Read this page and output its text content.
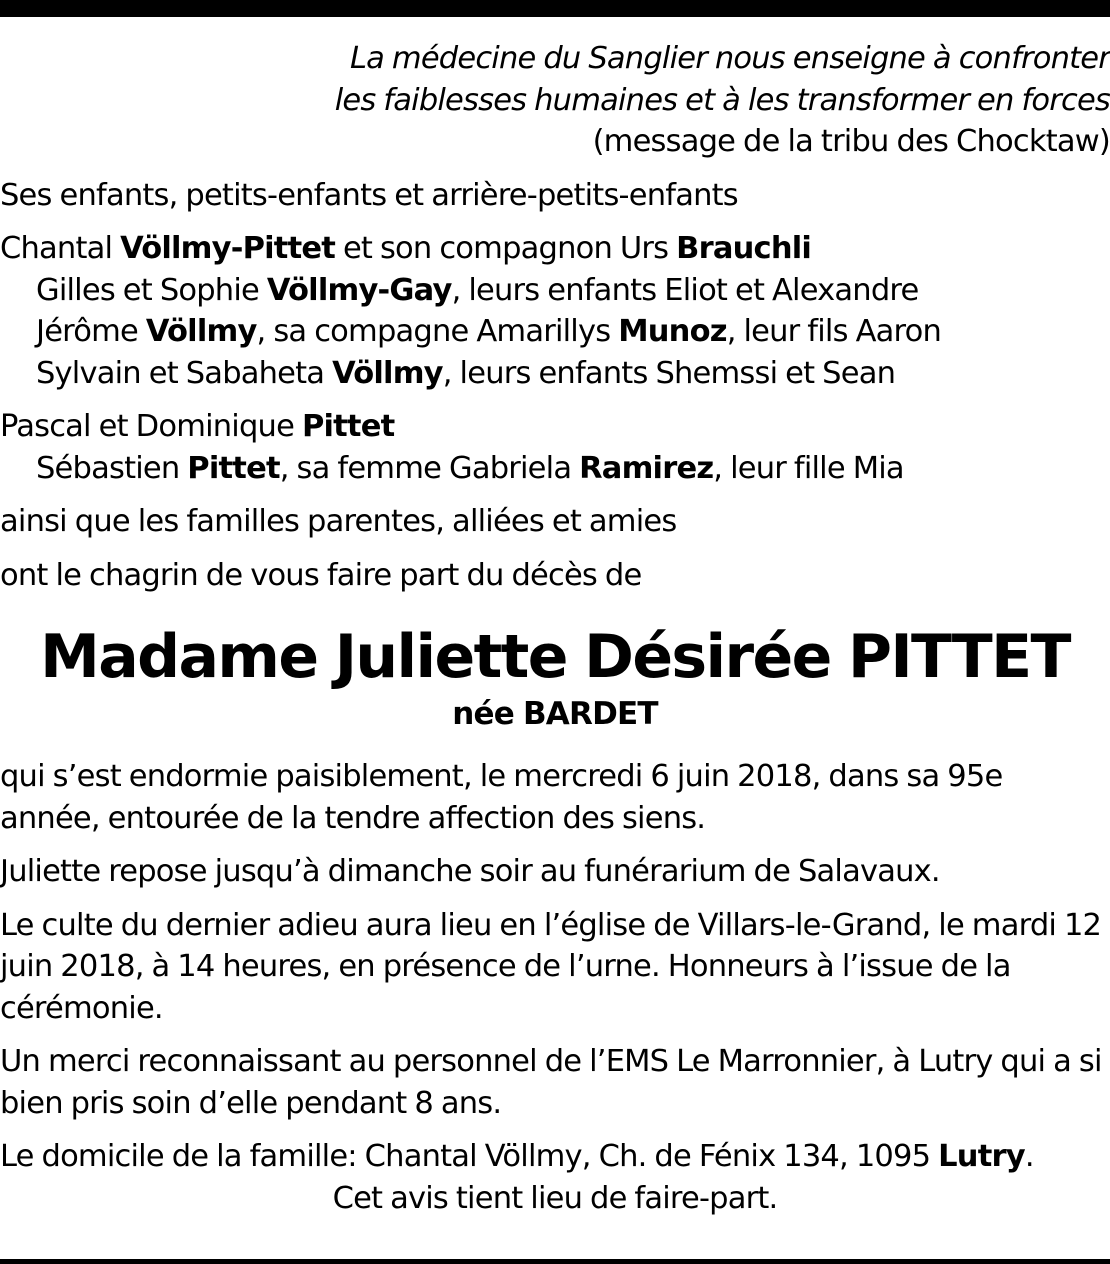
La médecine du Sanglier nous enseigne à confronter
les faiblesses humaines et à les transformer en forces
(message de la tribu des Chocktaw)

Ses enfants, petits-enfants et arrière-petits-enfants

Chantal Völlmy-Pittet et son compagnon Urs Brauchli

Gilles et Sophie Völlmy-Gay, leurs enfants Eliot et Alexandre

Jérôme Völlmy, sa compagne Amarillys Munoz, leur fils Aaron

Sylvain et Sabaheta Völlmy, leurs enfants Shemssi et Sean

Pascal et Dominique Pittet

Sébastien Pittet, sa femme Gabriela Ramirez, leur fille Mia

ainsi que les familles parentes, alliées et amies

ont le chagrin de vous faire part du décès de

Madame Juliette Désirée PITTET
née BARDET

qui s’est endormie paisiblement, le mercredi 6 juin 2018, dans sa 95e année, entourée de la tendre affection des siens.

Juliette repose jusqu’à dimanche soir au funérarium de Salavaux.

Le culte du dernier adieu aura lieu en l’église de Villars-le-Grand, le mardi 12 juin 2018, à 14 heures, en présence de l’urne. Honneurs à l’issue de la cérémonie.

Un merci reconnaissant au personnel de l’EMS Le Marronnier, à Lutry qui a si bien pris soin d’elle pendant 8 ans.

Le domicile de la famille: Chantal Völlmy, Ch. de Fénix 134, 1095 Lutry.

Cet avis tient lieu de faire-part.
